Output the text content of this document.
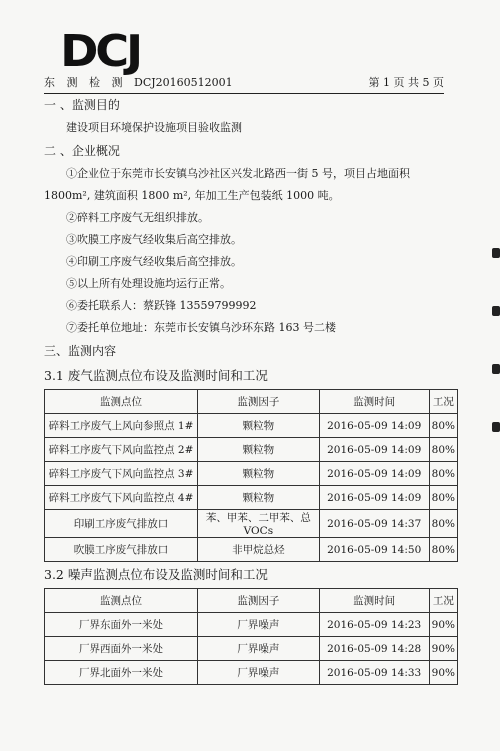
DCJ
东 测 检 测 DCJ20160512001	第 1 页 共 5 页

一 、监测目的

建设项目环境保护设施项目验收监测

二 、企业概况

①企业位于东莞市长安镇乌沙社区兴发北路西一街 5 号，项目占地面积

1800m², 建筑面积 1800 m², 年加工生产包装纸 1000 吨。

②碎料工序废气无组织排放。

③吹膜工序废气经收集后高空排放。

④印刷工序废气经收集后高空排放。

⑤以上所有处理设施均运行正常。

⑥委托联系人：蔡跃锋 13559799992

⑦委托单位地址：东莞市长安镇乌沙环东路 163 号二楼

三、监测内容

3.1 废气监测点位布设及监测时间和工况

监测点位	监测因子	监测时间	工况
碎料工序废气上风向参照点 1#	颗粒物	2016-05-09 14:09	80%
碎料工序废气下风向监控点 2#	颗粒物	2016-05-09 14:09	80%
碎料工序废气下风向监控点 3#	颗粒物	2016-05-09 14:09	80%
碎料工序废气下风向监控点 4#	颗粒物	2016-05-09 14:09	80%
印刷工序废气排放口	苯、甲苯、二甲苯、总 VOCs	2016-05-09 14:37	80%
吹膜工序废气排放口	非甲烷总烃	2016-05-09 14:50	80%

3.2 噪声监测点位布设及监测时间和工况

监测点位	监测因子	监测时间	工况
厂界东面外一米处	厂界噪声	2016-05-09 14:23	90%
厂界西面外一米处	厂界噪声	2016-05-09 14:28	90%
厂界北面外一米处	厂界噪声	2016-05-09 14:33	90%
